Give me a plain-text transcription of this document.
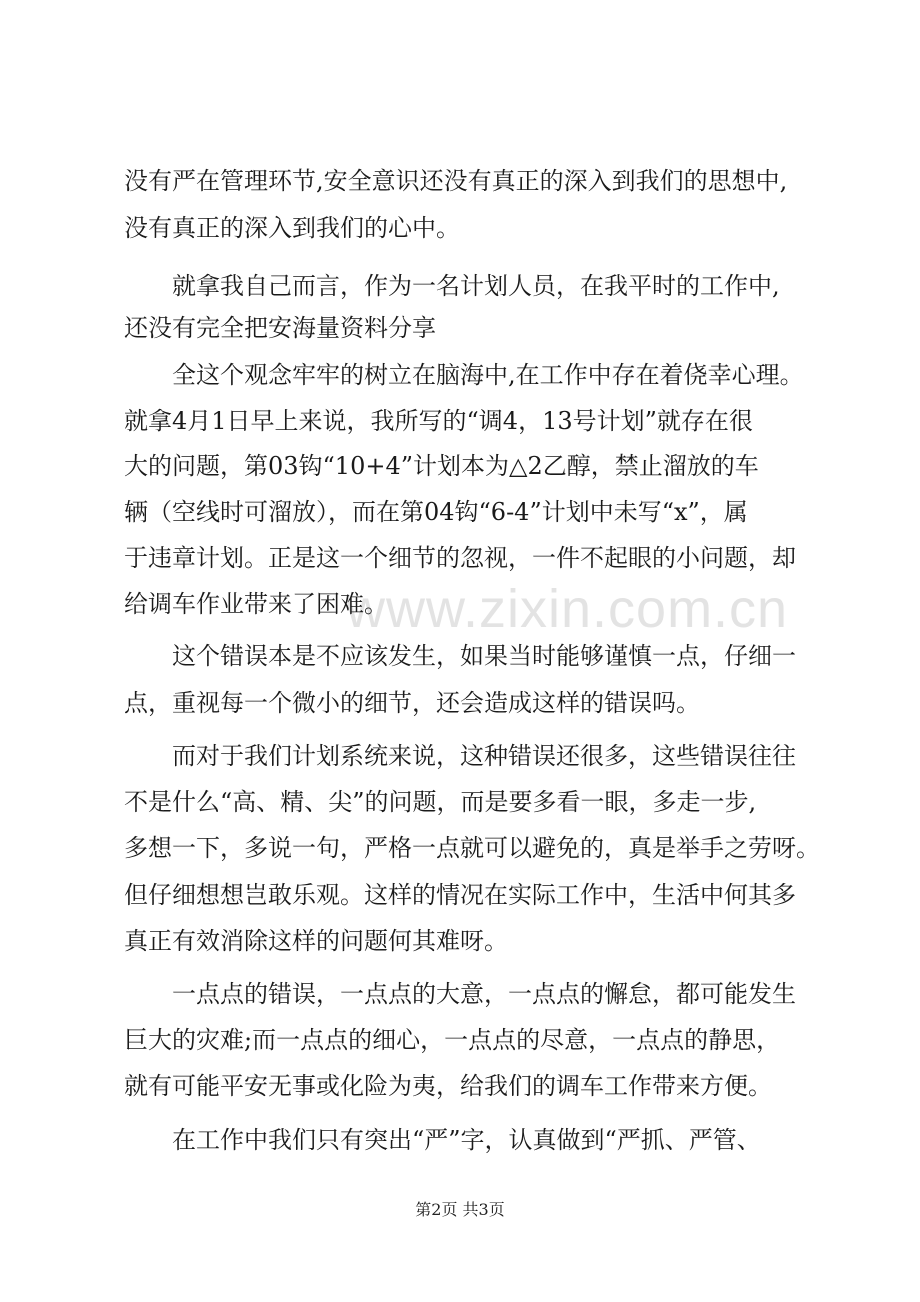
www.zixin.com.cn
没有严在管理环节,安全意识还没有真正的深入到我们的思想中,
没有真正的深入到我们的心中。
就拿我自己而言，作为一名计划人员，在我平时的工作中,
还没有完全把安海量资料分享
全这个观念牢牢的树立在脑海中,在工作中存在着侥幸心理。
就拿4月1日早上来说，我所写的“调4，13号计划”就存在很
大的问题，第03钩“10+4”计划本为△2乙醇，禁止溜放的车
辆（空线时可溜放），而在第04钩“6-4”计划中未写“x”，属
于违章计划。正是这一个细节的忽视，一件不起眼的小问题，却
给调车作业带来了困难。
这个错误本是不应该发生，如果当时能够谨慎一点，仔细一
点，重视每一个微小的细节，还会造成这样的错误吗。
而对于我们计划系统来说，这种错误还很多，这些错误往往
不是什么“高、精、尖”的问题，而是要多看一眼，多走一步,
多想一下，多说一句，严格一点就可以避免的，真是举手之劳呀。
但仔细想想岂敢乐观。这样的情况在实际工作中，生活中何其多
真正有效消除这样的问题何其难呀。
一点点的错误，一点点的大意，一点点的懈怠，都可能发生
巨大的灾难;而一点点的细心，一点点的尽意，一点点的静思，
就有可能平安无事或化险为夷，给我们的调车工作带来方便。
在工作中我们只有突出“严”字，认真做到“严抓、严管、
第2页 共3页
